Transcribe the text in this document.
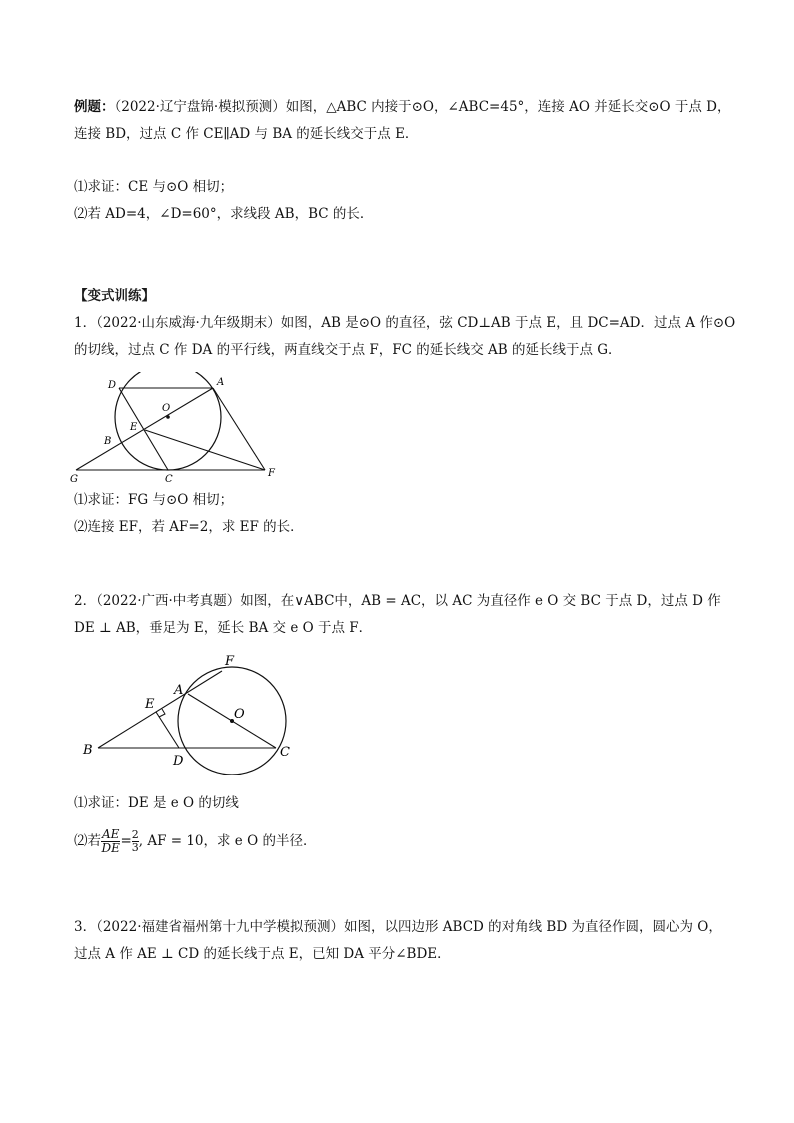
例题：（2022·辽宁盘锦·模拟预测）如图，△ABC 内接于⊙O，∠ABC=45°，连接 AO 并延长交⊙O 于点 D，
连接 BD，过点 C 作 CE∥AD 与 BA 的延长线交于点 E．
⑴求证：CE 与⊙O 相切；
⑵若 AD=4，∠D=60°，求线段 AB，BC 的长．
【变式训练】
1．（2022·山东威海·九年级期末）如图，AB 是⊙O 的直径，弦 CD⊥AB 于点 E，且 DC=AD．过点 A 作⊙O
的切线，过点 C 作 DA 的平行线，两直线交于点 F，FC 的延长线交 AB 的延长线于点 G．
D	A
O
E
B
G	C
F
⑴求证：FG 与⊙O 相切；
⑵连接 EF，若 AF=2，求 EF 的长．
2．（2022·广西·中考真题）如图，在∨ABC中，AB = AC，以 AC 为直径作 e O 交 BC 于点 D，过点 D 作
DE ⊥ AB，垂足为 E，延长 BA 交 e O 于点 F．
F
A
E
O
B
D
C
⑴求证：DE 是 e O 的切线
⑵若 $\frac{AE}{DE} = \frac{2}{3}$ , AF = 10，求 e O 的半径．
3．（2022·福建省福州第十九中学模拟预测）如图，以四边形 ABCD 的对角线 BD 为直径作圆，圆心为 O，
过点 A 作 AE ⊥ CD 的延长线于点 E，已知 DA 平分∠BDE．
